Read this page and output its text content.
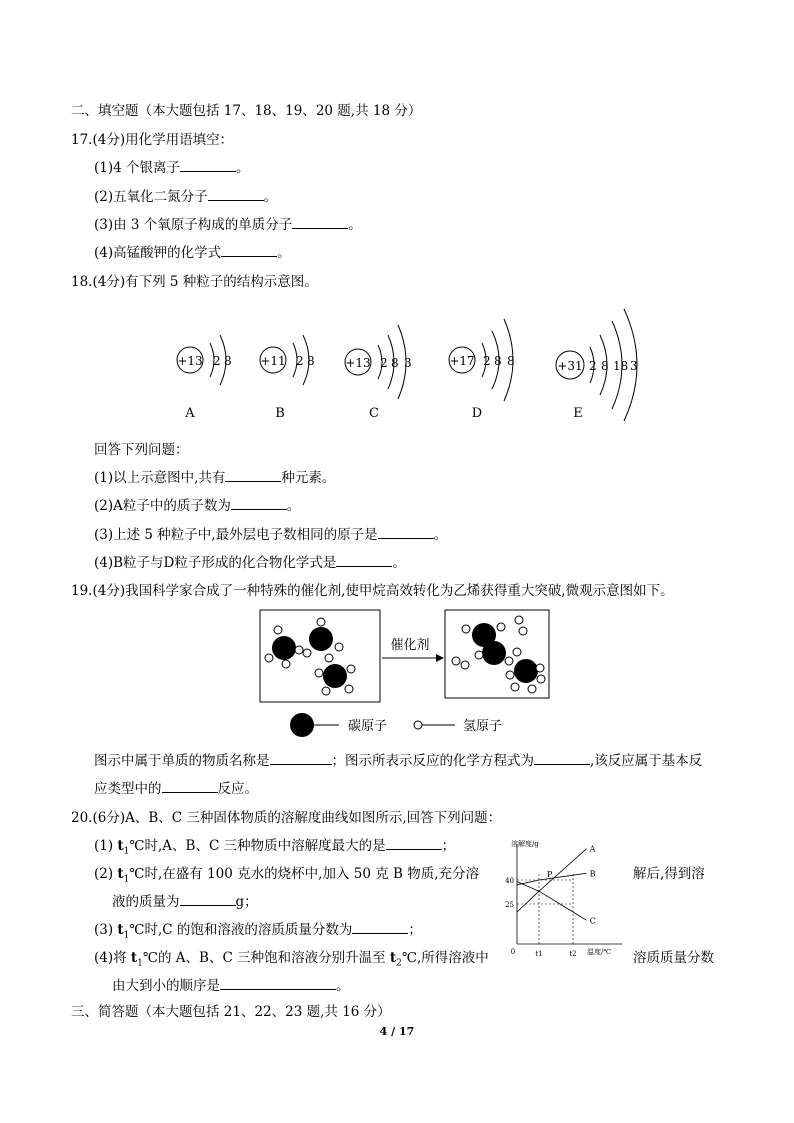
二、填空题（本大题包括 17、18、19、20 题,共 18 分）
17.(4分)用化学用语填空：
(1)4 个银离子	。
(2)五氧化二氮分子	。
(3)由 3 个氧原子构成的单质分子	。
(4)高锰酸钾的化学式	。
18.(4分)有下列 5 种粒子的结构示意图。
+13 2 8
A
+11 2 8
B
+13 2 8 3
C
+17 2 8 8
D
+31 2 8 18 3
E
回答下列问题：
(1)以上示意图中,共有	种元素。
(2)A粒子中的质子数为	。
(3)上述 5 种粒子中,最外层电子数相同的原子是	。
(4)B粒子与D粒子形成的化合物化学式是	。
19.(4分)我国科学家合成了一种特殊的催化剂,使甲烷高效转化为乙烯获得重大突破,微观示意图如下。
催化剂
碳原子	氢原子
图示中属于单质的物质名称是	；图示所表示反应的化学方程式为	,该反应属于基本反
应类型中的	反应。
20.(6分)A、B、C 三种固体物质的溶解度曲线如图所示,回答下列问题：
(1) $t_1℃$时,A、B、C 三种物质中溶解度最大的是	；
(2) $t_1℃$时,在盛有 100 克水的烧杯中,加入 50 克 B 物质,充分溶	解后,得到溶
液的质量为	g；
(3) $t_1℃$时,C 的饱和溶液的溶质质量分数为	；
(4)将 $t_1℃$的 A、B、C 三种饱和溶液分别升温至 $t_2℃$,所得溶液中	溶质质量分数
由大到小的顺序是	。
溶解度/g
温度/℃
0	t1	t2
25
40
A
B
C
P
三、简答题（本大题包括 21、22、23 题,共 16 分）
4 / 17
